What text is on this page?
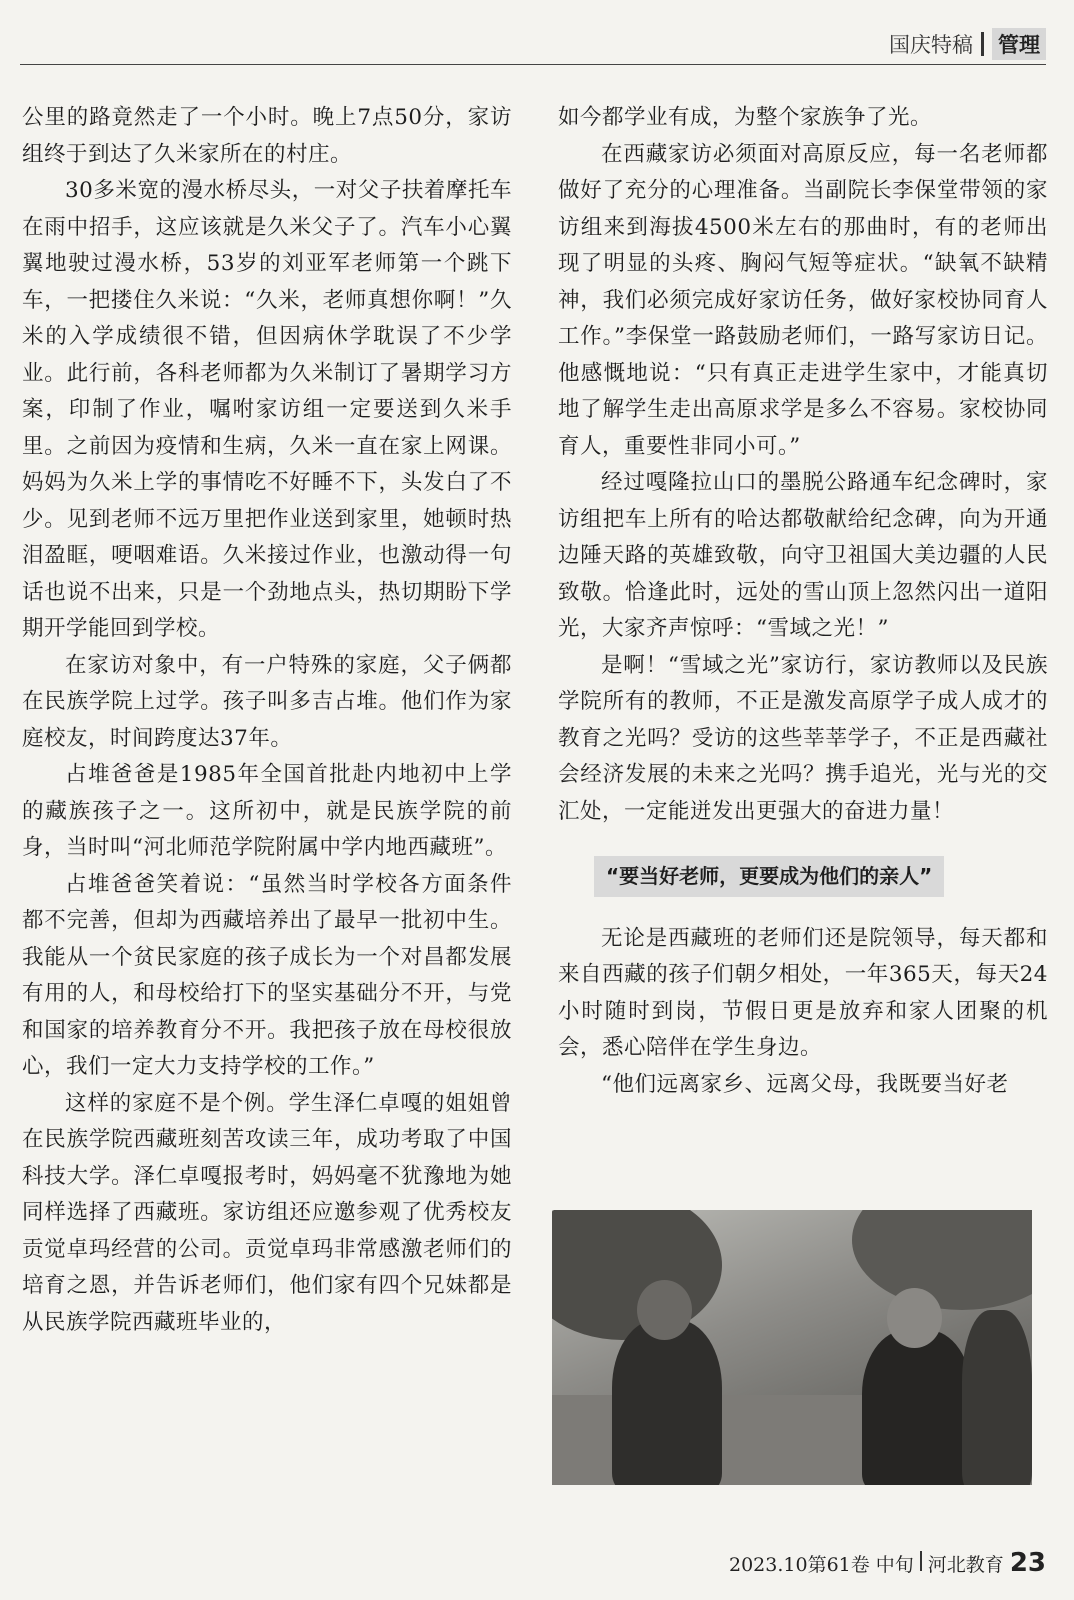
国庆特稿 管理

公里的路竟然走了一个小时。晚上7点50分，家访组终于到达了久米家所在的村庄。

30多米宽的漫水桥尽头，一对父子扶着摩托车在雨中招手，这应该就是久米父子了。汽车小心翼翼地驶过漫水桥，53岁的刘亚军老师第一个跳下车，一把搂住久米说：“久米，老师真想你啊！”久米的入学成绩很不错，但因病休学耽误了不少学业。此行前，各科老师都为久米制订了暑期学习方案，印制了作业，嘱咐家访组一定要送到久米手里。之前因为疫情和生病，久米一直在家上网课。妈妈为久米上学的事情吃不好睡不下，头发白了不少。见到老师不远万里把作业送到家里，她顿时热泪盈眶，哽咽难语。久米接过作业，也激动得一句话也说不出来，只是一个劲地点头，热切期盼下学期开学能回到学校。

在家访对象中，有一户特殊的家庭，父子俩都在民族学院上过学。孩子叫多吉占堆。他们作为家庭校友，时间跨度达37年。

占堆爸爸是1985年全国首批赴内地初中上学的藏族孩子之一。这所初中，就是民族学院的前身，当时叫“河北师范学院附属中学内地西藏班”。

占堆爸爸笑着说：“虽然当时学校各方面条件都不完善，但却为西藏培养出了最早一批初中生。我能从一个贫民家庭的孩子成长为一个对昌都发展有用的人，和母校给打下的坚实基础分不开，与党和国家的培养教育分不开。我把孩子放在母校很放心，我们一定大力支持学校的工作。”

这样的家庭不是个例。学生泽仁卓嘎的姐姐曾在民族学院西藏班刻苦攻读三年，成功考取了中国科技大学。泽仁卓嘎报考时，妈妈毫不犹豫地为她同样选择了西藏班。家访组还应邀参观了优秀校友贡觉卓玛经营的公司。贡觉卓玛非常感激老师们的培育之恩，并告诉老师们，他们家有四个兄妹都是从民族学院西藏班毕业的，

如今都学业有成，为整个家族争了光。

在西藏家访必须面对高原反应，每一名老师都做好了充分的心理准备。当副院长李保堂带领的家访组来到海拔4500米左右的那曲时，有的老师出现了明显的头疼、胸闷气短等症状。“缺氧不缺精神，我们必须完成好家访任务，做好家校协同育人工作。”李保堂一路鼓励老师们，一路写家访日记。他感慨地说：“只有真正走进学生家中，才能真切地了解学生走出高原求学是多么不容易。家校协同育人，重要性非同小可。”

经过嘎隆拉山口的墨脱公路通车纪念碑时，家访组把车上所有的哈达都敬献给纪念碑，向为开通边陲天路的英雄致敬，向守卫祖国大美边疆的人民致敬。恰逢此时，远处的雪山顶上忽然闪出一道阳光，大家齐声惊呼：“雪域之光！”

是啊！“雪域之光”家访行，家访教师以及民族学院所有的教师，不正是激发高原学子成人成才的教育之光吗？受访的这些莘莘学子，不正是西藏社会经济发展的未来之光吗？携手追光，光与光的交汇处，一定能迸发出更强大的奋进力量！

“要当好老师，更要成为他们的亲人”

无论是西藏班的老师们还是院领导，每天都和来自西藏的孩子们朝夕相处，一年365天，每天24小时随时到岗，节假日更是放弃和家人团聚的机会，悉心陪伴在学生身边。

“他们远离家乡、远离父母，我既要当好老

2023.10第61卷 中旬 河北教育 23
